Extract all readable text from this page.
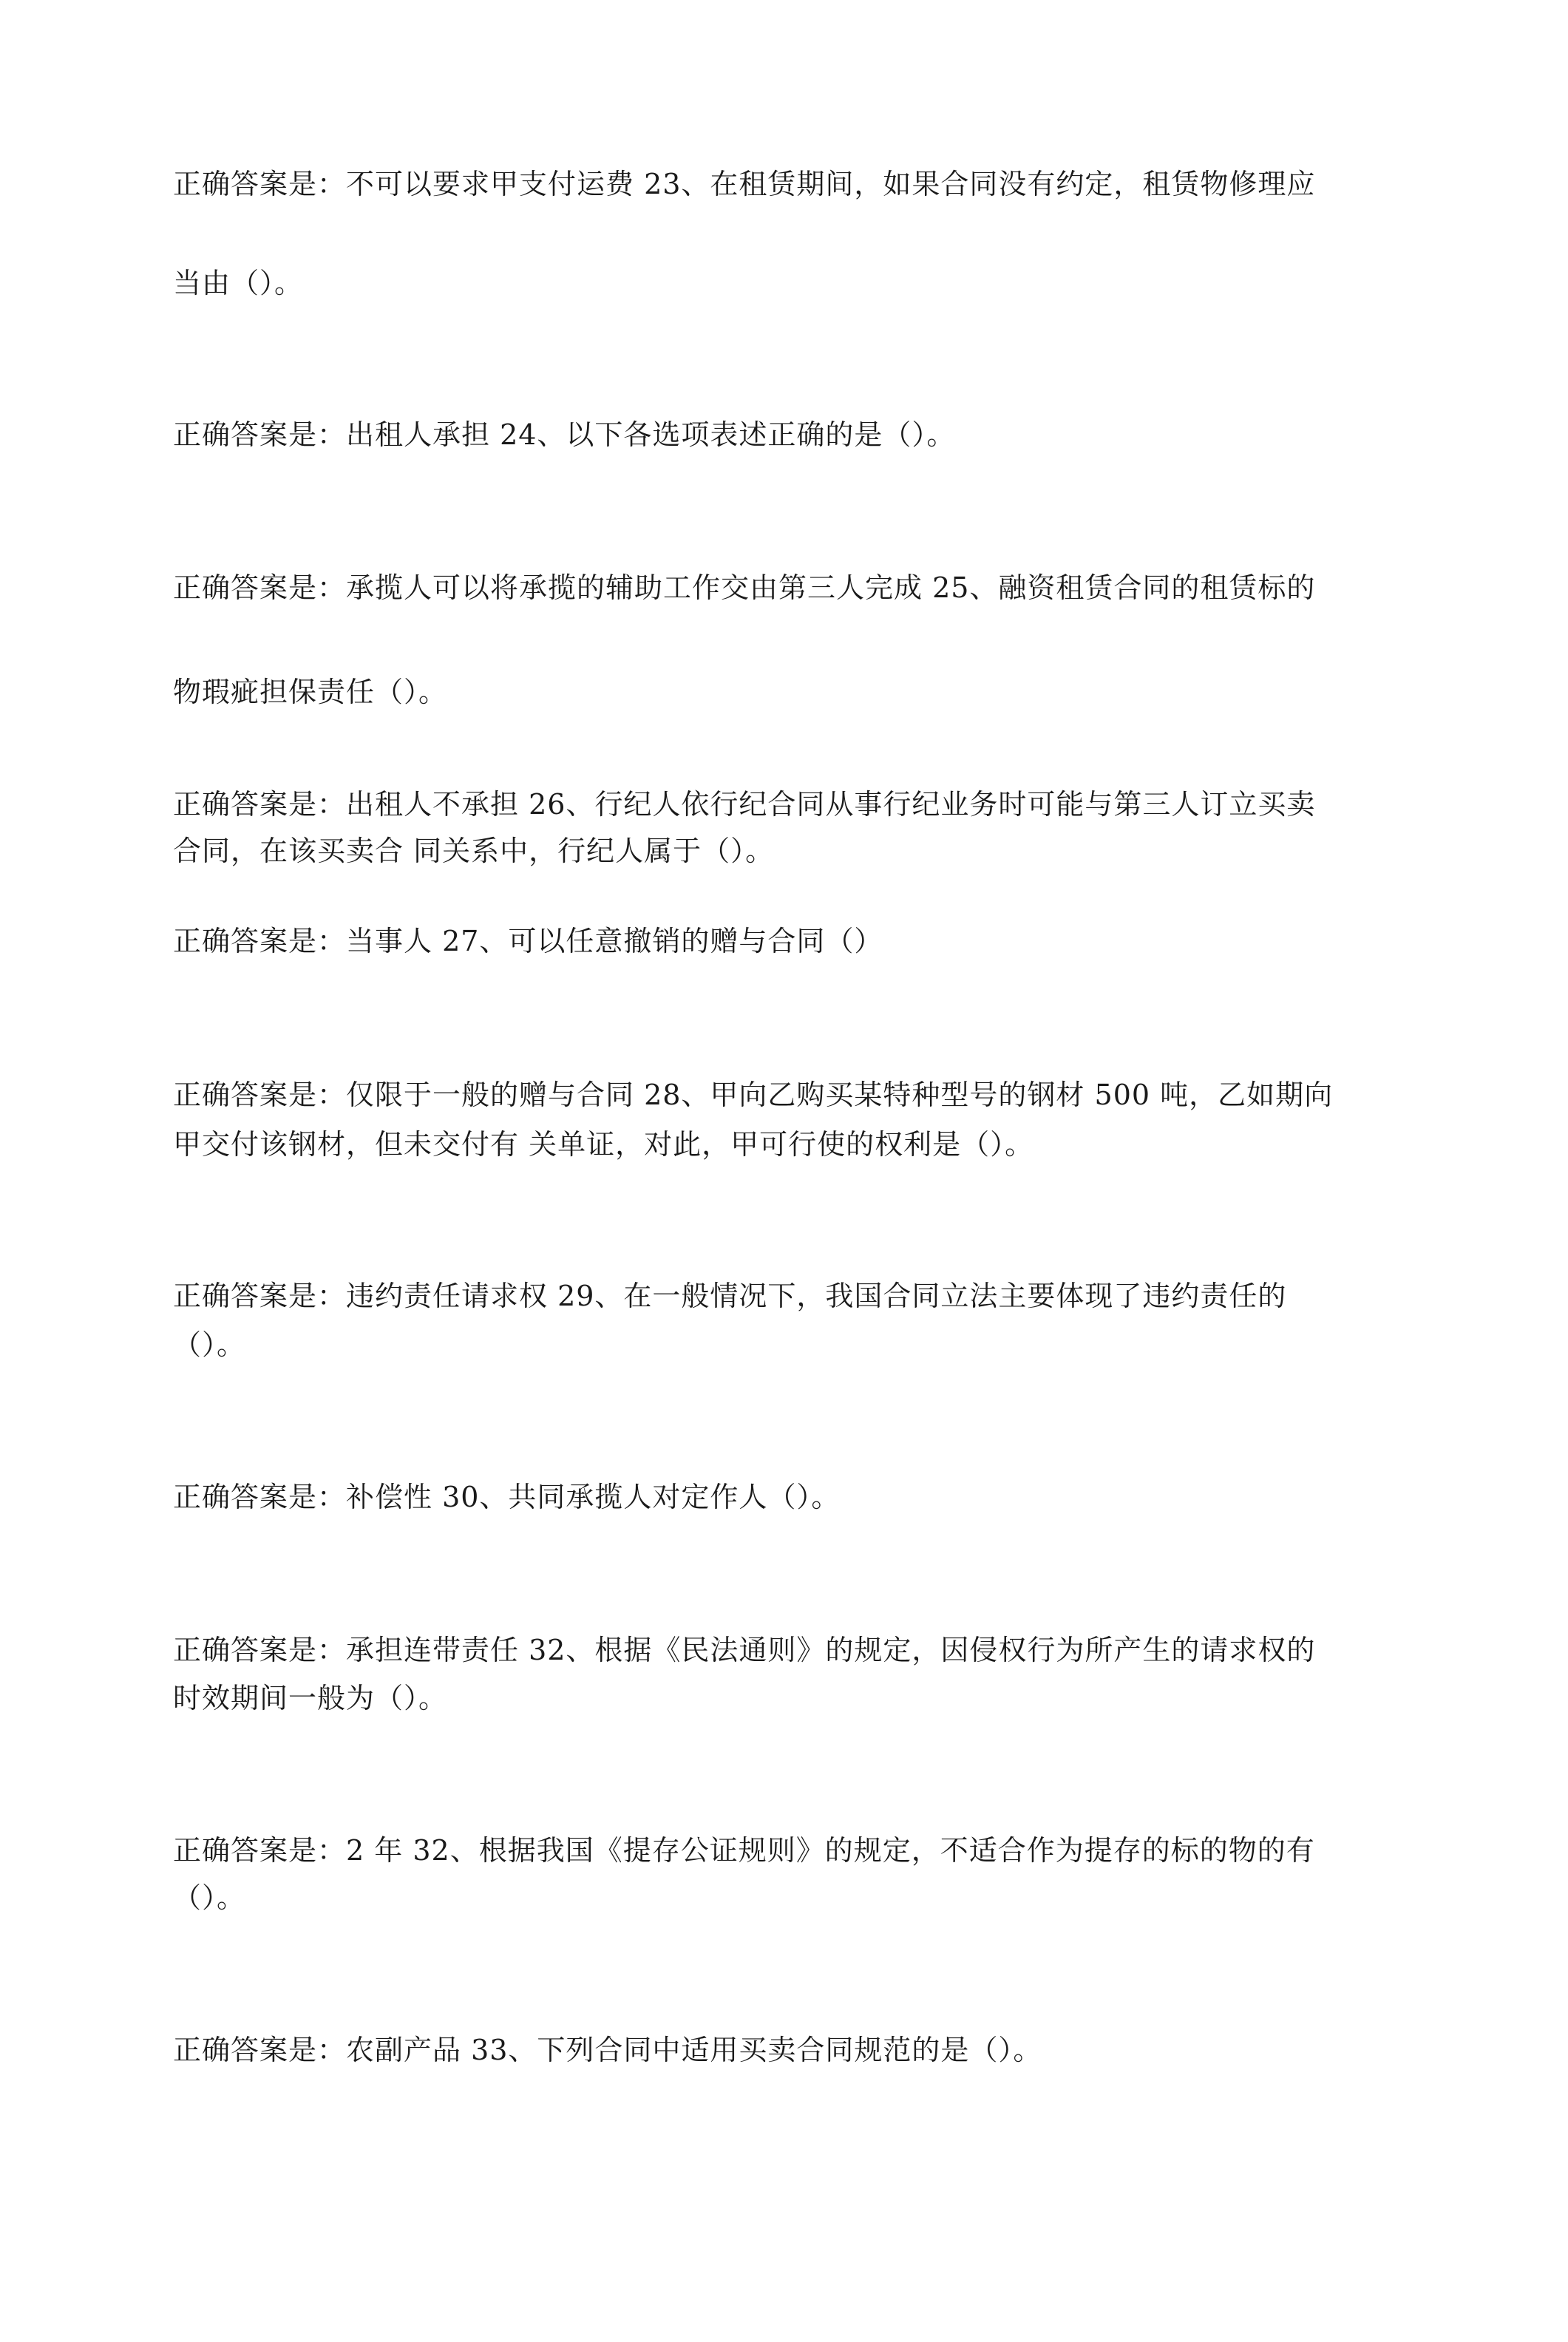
正确答案是：不可以要求甲支付运费 23、在租赁期间，如果合同没有约定，租赁物修理应
当由（）。
正确答案是：出租人承担 24、以下各选项表述正确的是（）。
正确答案是：承揽人可以将承揽的辅助工作交由第三人完成 25、融资租赁合同的租赁标的
物瑕疵担保责任（）。
正确答案是：出租人不承担 26、行纪人依行纪合同从事行纪业务时可能与第三人订立买卖
合同，在该买卖合 同关系中，行纪人属于（）。
正确答案是：当事人 27、可以任意撤销的赠与合同（）
正确答案是：仅限于一般的赠与合同 28、甲向乙购买某特种型号的钢材 500 吨，乙如期向
甲交付该钢材，但未交付有 关单证，对此，甲可行使的权利是（）。
正确答案是：违约责任请求权 29、在一般情况下，我国合同立法主要体现了违约责任的
（）。
正确答案是：补偿性 30、共同承揽人对定作人（）。
正确答案是：承担连带责任 32、根据《民法通则》的规定，因侵权行为所产生的请求权的
时效期间一般为（）。
正确答案是：2 年 32、根据我国《提存公证规则》的规定，不适合作为提存的标的物的有
（）。
正确答案是：农副产品 33、下列合同中适用买卖合同规范的是（）。
